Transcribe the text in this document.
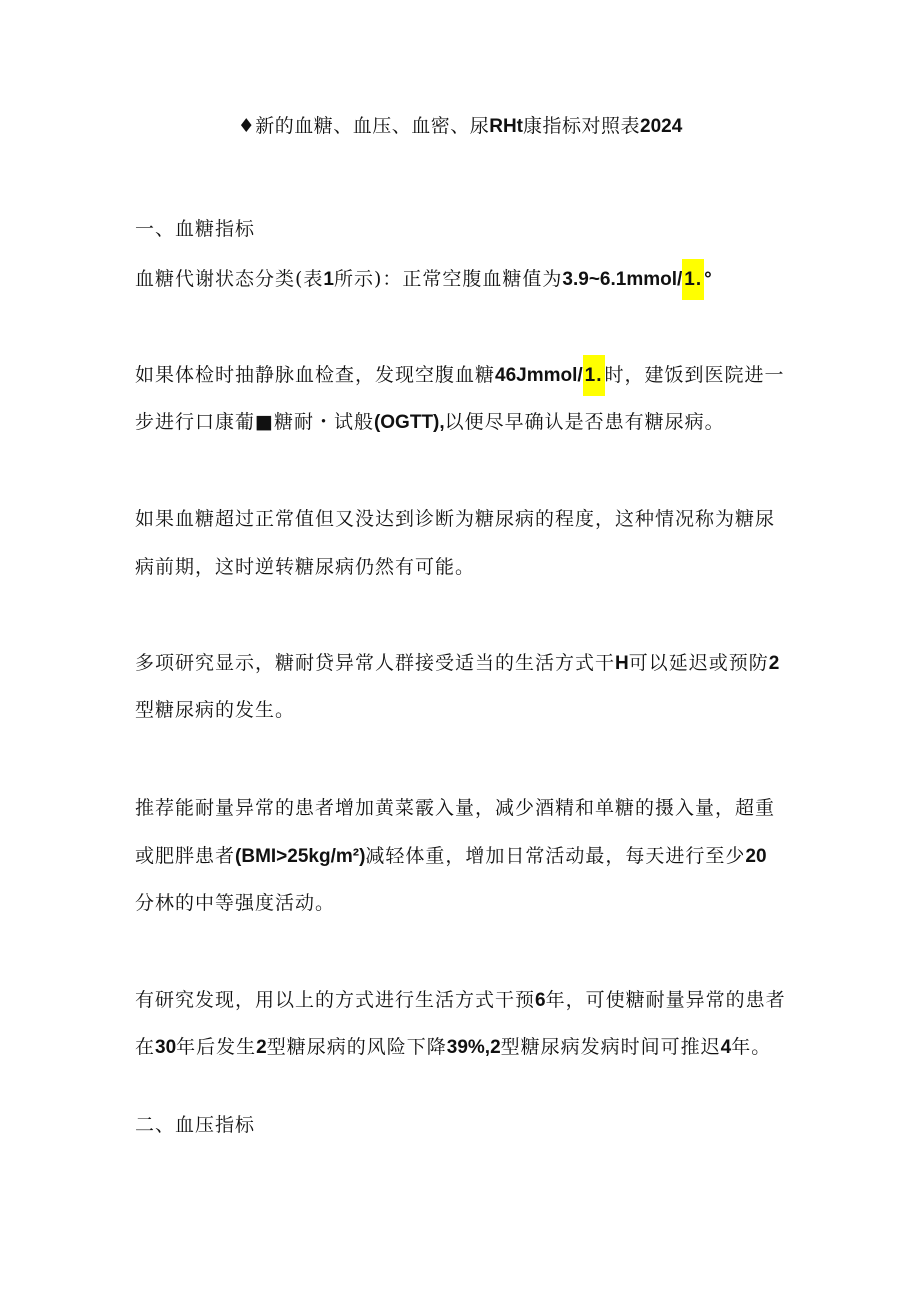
♦新的血糖、血压、血密、尿RHt康指标对照表2024
一、血糖指标
血糖代谢状态分类(表1所示)：正常空腹血糖值为3.9~6.1mmol/ 1. °
如果体检时抽静脉血检查，发现空腹血糖46Jmmol/ 1. 时，建饭到医院进一
步进行口康葡■糖耐・试般(OGTT),以便尽早确认是否患有糖尿病。
如果血糖超过正常值但又没达到诊断为糖尿病的程度，这种情况称为糖尿
病前期，这时逆转糖尿病仍然有可能。
多项研究显示，糖耐贷异常人群接受适当的生活方式干H可以延迟或预防2
型糖尿病的发生。
推荐能耐量异常的患者增加黄菜霰入量，减少酒精和单糖的摄入量，超重
或肥胖患者(BMI>25kg/m²)减轻体重，增加日常活动最，每天进行至少20
分林的中等强度活动。
有研究发现，用以上的方式进行生活方式干预6年，可使糖耐量异常的患者
在30年后发生2型糖尿病的风险下降39%,2型糖尿病发病时间可推迟4年。
二、血压指标
